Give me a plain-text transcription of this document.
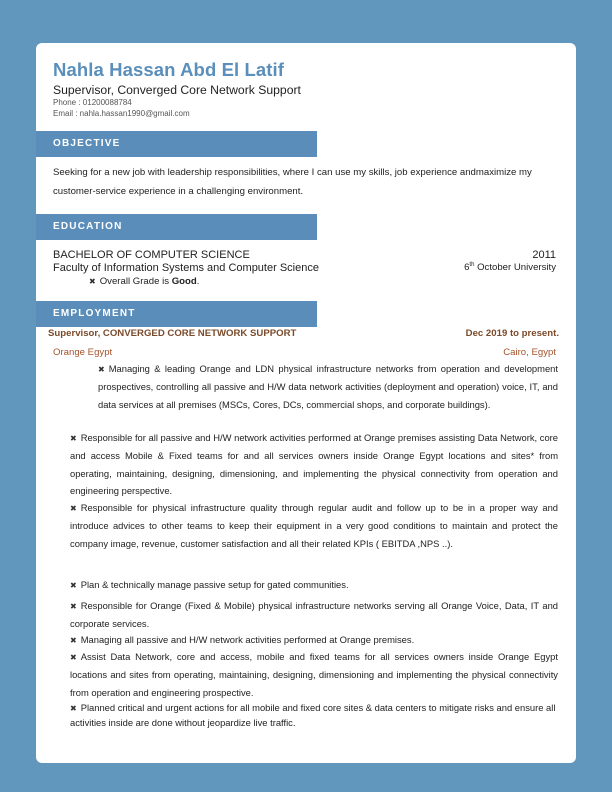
Nahla Hassan Abd El Latif
Supervisor, Converged Core Network Support
Phone : 01200088784
Email : nahla.hassan1990@gmail.com
OBJECTIVE
Seeking for a new job with leadership responsibilities, where I can use my skills, job experience andmaximize my customer-service experience in a challenging environment.
EDUCATION
BACHELOR OF COMPUTER SCIENCE	2011
Faculty of Information Systems and Computer Science	6th October University
✖ Overall Grade is Good.
EMPLOYMENT
Supervisor, CONVERGED CORE NETWORK SUPPORT	Dec 2019 to present.
Orange Egypt	Cairo, Egypt
✖ Managing & leading Orange and LDN physical infrastructure networks from operation and development prospectives, controlling all passive and H/W data network activities (deployment and operation) voice, IT, and data services at all premises (MSCs, Cores, DCs, commercial shops, and corporate buildings).
✖ Responsible for all passive and H/W network activities performed at Orange premises assisting Data Network, core and access Mobile & Fixed teams for and all services owners inside Orange Egypt locations and sites* from operating, maintaining, designing, dimensioning, and implementing the physical connectivity from operation and engineering perspective.
✖ Responsible for physical infrastructure quality through regular audit and follow up to be in a proper way and introduce advices to other teams to keep their equipment in a very good conditions to maintain and protect the company image, revenue, customer satisfaction and all their related KPIs ( EBITDA ,NPS ..).
✖ Plan & technically manage passive setup for gated communities.
✖ Responsible for Orange (Fixed & Mobile) physical infrastructure networks serving all Orange Voice, Data, IT and corporate services.
✖ Managing all passive and H/W network activities performed at Orange premises.
✖ Assist Data Network, core and access, mobile and fixed teams for all services owners inside Orange Egypt locations and sites from operating, maintaining, designing, dimensioning and implementing the physical connectivity from operation and engineering prospective.
✖ Planned critical and urgent actions for all mobile and fixed core sites & data centers to mitigate risks and ensure all activities inside are done without jeopardize live traffic.
